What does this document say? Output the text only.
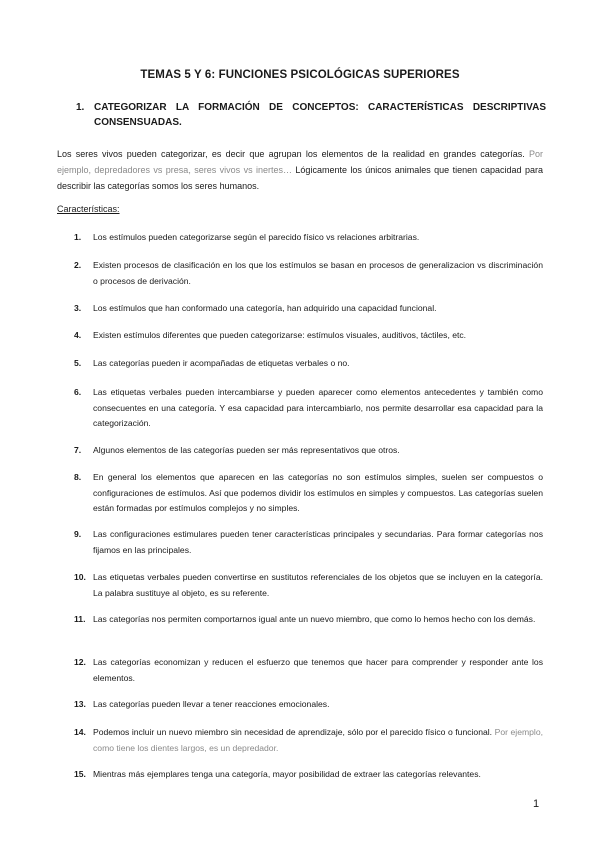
TEMAS 5 Y 6: FUNCIONES PSICOLÓGICAS SUPERIORES
1. CATEGORIZAR LA FORMACIÓN DE CONCEPTOS: CARACTERÍSTICAS DESCRIPTIVAS CONSENSUADAS.

Los seres vivos pueden categorizar, es decir que agrupan los elementos de la realidad en grandes categorías. Por ejemplo, depredadores vs presa, seres vivos vs inertes… Lógicamente los únicos animales que tienen capacidad para describir las categorías somos los seres humanos.

Características:
1. Los estímulos pueden categorizarse según el parecido físico vs relaciones arbitrarias.
2. Existen procesos de clasificación en los que los estímulos se basan en procesos de generalizacion vs discriminación o procesos de derivación.
3. Los estímulos que han conformado una categoría, han adquirido una capacidad funcional.
4. Existen estímulos diferentes que pueden categorizarse: estímulos visuales, auditivos, táctiles, etc.
5. Las categorías pueden ir acompañadas de etiquetas verbales o no.
6. Las etiquetas verbales pueden intercambiarse y pueden aparecer como elementos antecedentes y también como consecuentes en una categoría. Y esa capacidad para intercambiarlo, nos permite desarrollar esa capacidad para la categorización.
7. Algunos elementos de las categorías pueden ser más representativos que otros.
8. En general los elementos que aparecen en las categorías no son estímulos simples, suelen ser compuestos o configuraciones de estímulos. Así que podemos dividir los estímulos en simples y compuestos. Las categorías suelen están formadas por estímulos complejos y no simples.
9. Las configuraciones estimulares pueden tener características principales y secundarias. Para formar categorías nos fijamos en las principales.
10. Las etiquetas verbales pueden convertirse en sustitutos referenciales de los objetos que se incluyen en la categoría. La palabra sustituye al objeto, es su referente.
11. Las categorías nos permiten comportarnos igual ante un nuevo miembro, que como lo hemos hecho con los demás.
12. Las categorías economizan y reducen el esfuerzo que tenemos que hacer para comprender y responder ante los elementos.
13. Las categorías pueden llevar a tener reacciones emocionales.
14. Podemos incluir un nuevo miembro sin necesidad de aprendizaje, sólo por el parecido físico o funcional. Por ejemplo, como tiene los dientes largos, es un depredador.
15. Mientras más ejemplares tenga una categoría, mayor posibilidad de extraer las categorías relevantes.
1
